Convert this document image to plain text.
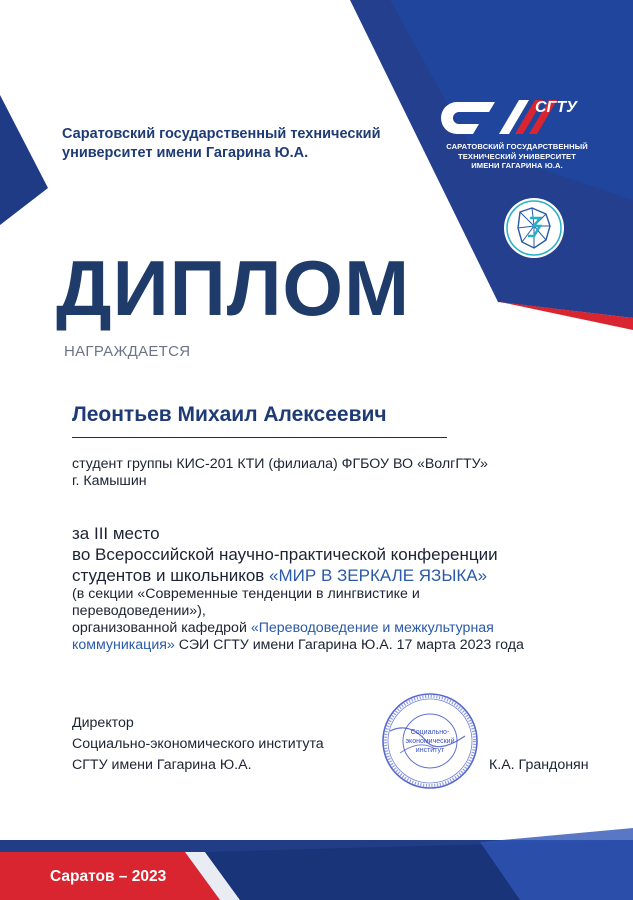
Саратовский государственный технический
университет имени Гагарина Ю.А.
СГТУ
САРАТОВСКИЙ ГОСУДАРСТВЕННЫЙ
ТЕХНИЧЕСКИЙ УНИВЕРСИТЕТ
ИМЕНИ ГАГАРИНА Ю.А.
ДИПЛОМ
НАГРАЖДАЕТСЯ
Леонтьев Михаил Алексеевич
студент группы КИС-201 КТИ (филиала) ФГБОУ ВО «ВолгГТУ»
г. Камышин
за III место
во Всероссийской научно-практической конференции
студентов и школьников «МИР В ЗЕРКАЛЕ ЯЗЫКА»
(в секции «Современные тенденции в лингвистике и
переводоведении»),
организованной кафедрой «Переводоведение и межкультурная
коммуникация» СЭИ СГТУ имени Гагарина Ю.А. 17 марта 2023 года
Директор
Социально-экономического института
СГТУ имени Гагарина Ю.А.
Социально-
экономический
институт
К.А. Грандонян
Саратов – 2023
